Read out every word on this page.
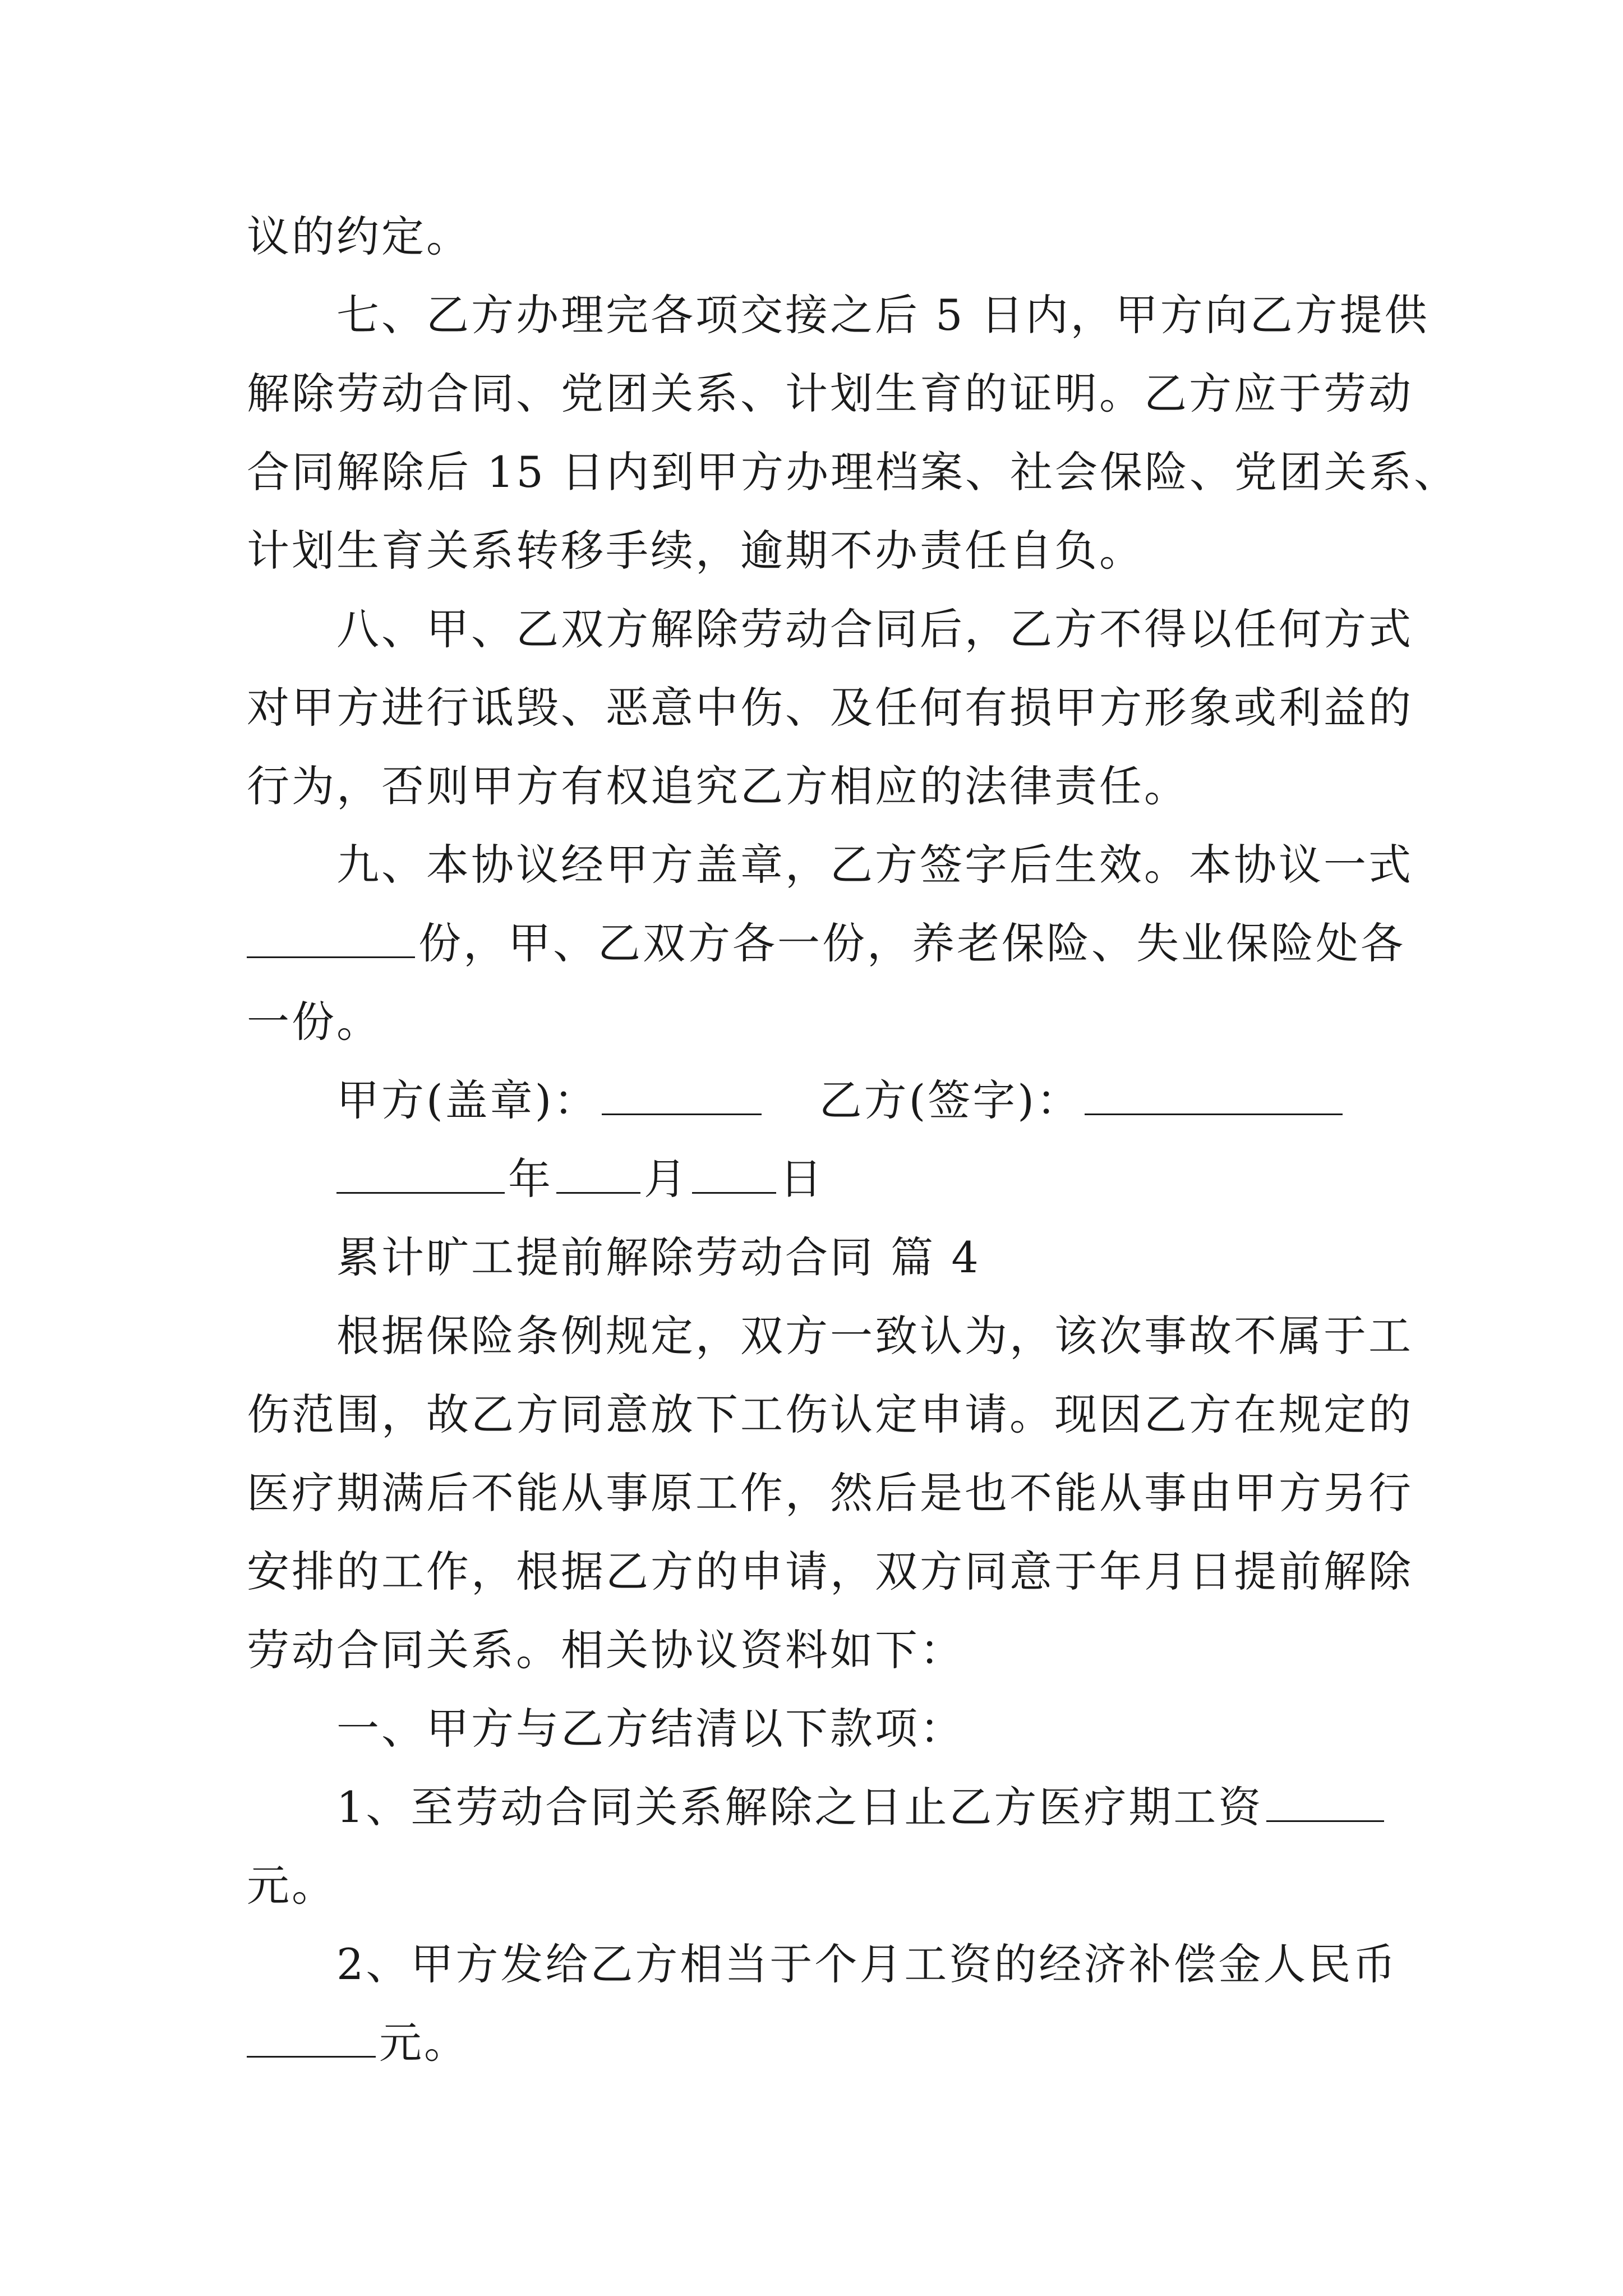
议的约定。
七、乙方办理完各项交接之后 5 日内，甲方向乙方提供
解除劳动合同、党团关系、计划生育的证明。乙方应于劳动
合同解除后 15 日内到甲方办理档案、社会保险、党团关系、
计划生育关系转移手续，逾期不办责任自负。
八、甲、乙双方解除劳动合同后，乙方不得以任何方式
对甲方进行诋毁、恶意中伤、及任何有损甲方形象或利益的
行为，否则甲方有权追究乙方相应的法律责任。
九、本协议经甲方盖章，乙方签字后生效。本协议一式
份，甲、乙双方各一份，养老保险、失业保险处各
一份。
甲方(盖章)：	乙方(签字)：
年 月 日
累计旷工提前解除劳动合同 篇 4
根据保险条例规定，双方一致认为，该次事故不属于工
伤范围，故乙方同意放下工伤认定申请。现因乙方在规定的
医疗期满后不能从事原工作，然后是也不能从事由甲方另行
安排的工作，根据乙方的申请，双方同意于年月日提前解除
劳动合同关系。相关协议资料如下：
一、甲方与乙方结清以下款项：
1、至劳动合同关系解除之日止乙方医疗期工资
元。
2、甲方发给乙方相当于个月工资的经济补偿金人民币
元。
